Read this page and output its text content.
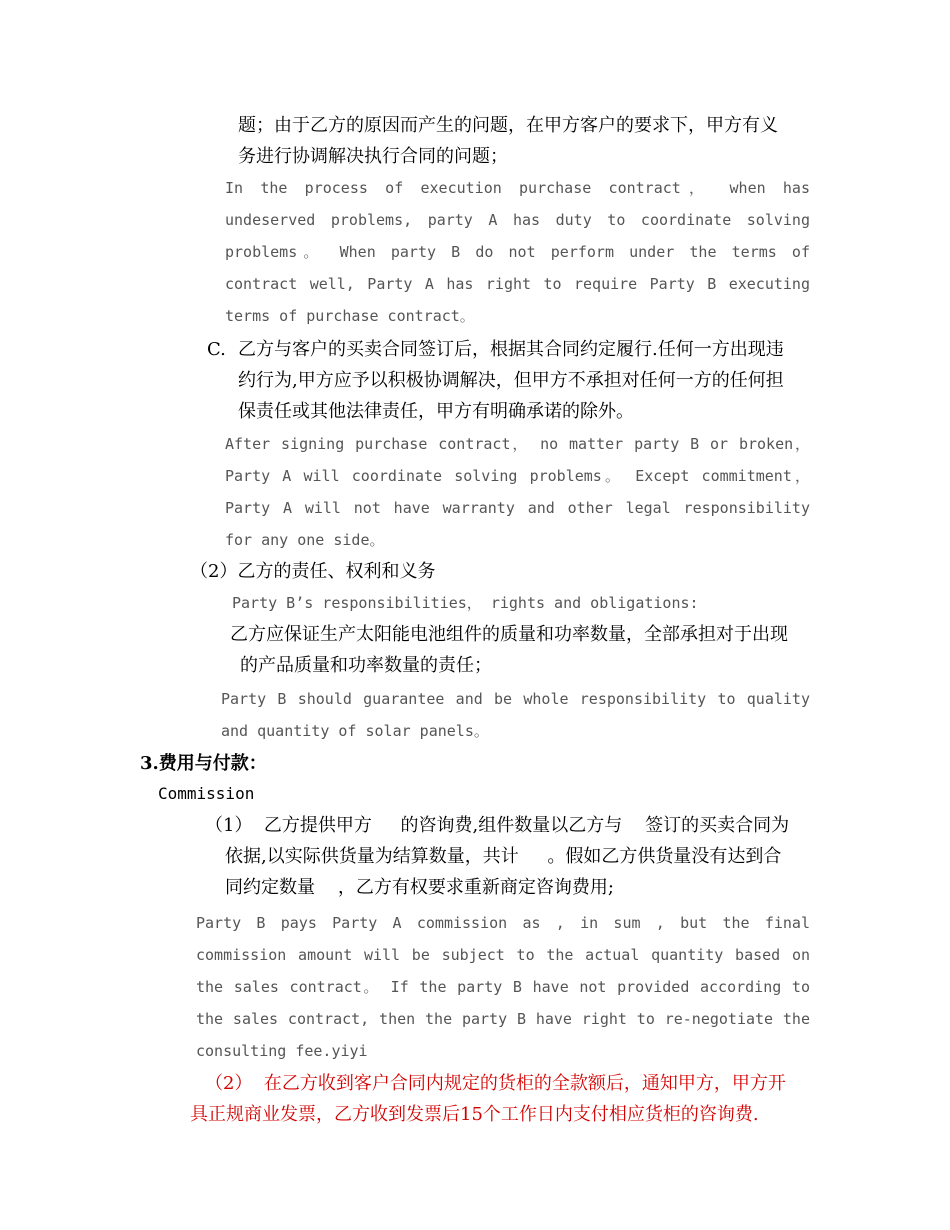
题；由于乙方的原因而产生的问题，在甲方客户的要求下，甲方有义
务进行协调解决执行合同的问题；
In the process of execution purchase contract， when has undeserved problems, party A has duty to coordinate solving problems。 When party B do not perform under the terms of contract well, Party A has right to require Party B executing terms of purchase contract。
C. 乙方与客户的买卖合同签订后，根据其合同约定履行.任何一方出现违
约行为,甲方应予以积极协调解决，但甲方不承担对任何一方的任何担
保责任或其他法律责任，甲方有明确承诺的除外。
After signing purchase contract， no matter party B or broken， Party A will coordinate solving problems。 Except commitment， Party A will not have warranty and other legal responsibility for any one side。
（2）乙方的责任、权利和义务
Party B’s responsibilities， rights and obligations:
乙方应保证生产太阳能电池组件的质量和功率数量，全部承担对于出现
的产品质量和功率数量的责任；
Party B should guarantee and be whole responsibility to quality and quantity of solar panels。
3.费用与付款：
Commission
（1）  乙方提供甲方     的咨询费,组件数量以乙方与    签订的买卖合同为
依据,以实际供货量为结算数量，共计     。假如乙方供货量没有达到合
同约定数量    ，乙方有权要求重新商定咨询费用;
Party B pays Party A commission as , in sum , but the final commission amount will be subject to the actual quantity based on the sales contract。 If the party B have not provided according to the sales contract, then the party B have right to re-negotiate the consulting fee.yiyi
（2）  在乙方收到客户合同内规定的货柜的全款额后，通知甲方，甲方开
具正规商业发票，乙方收到发票后15个工作日内支付相应货柜的咨询费.
